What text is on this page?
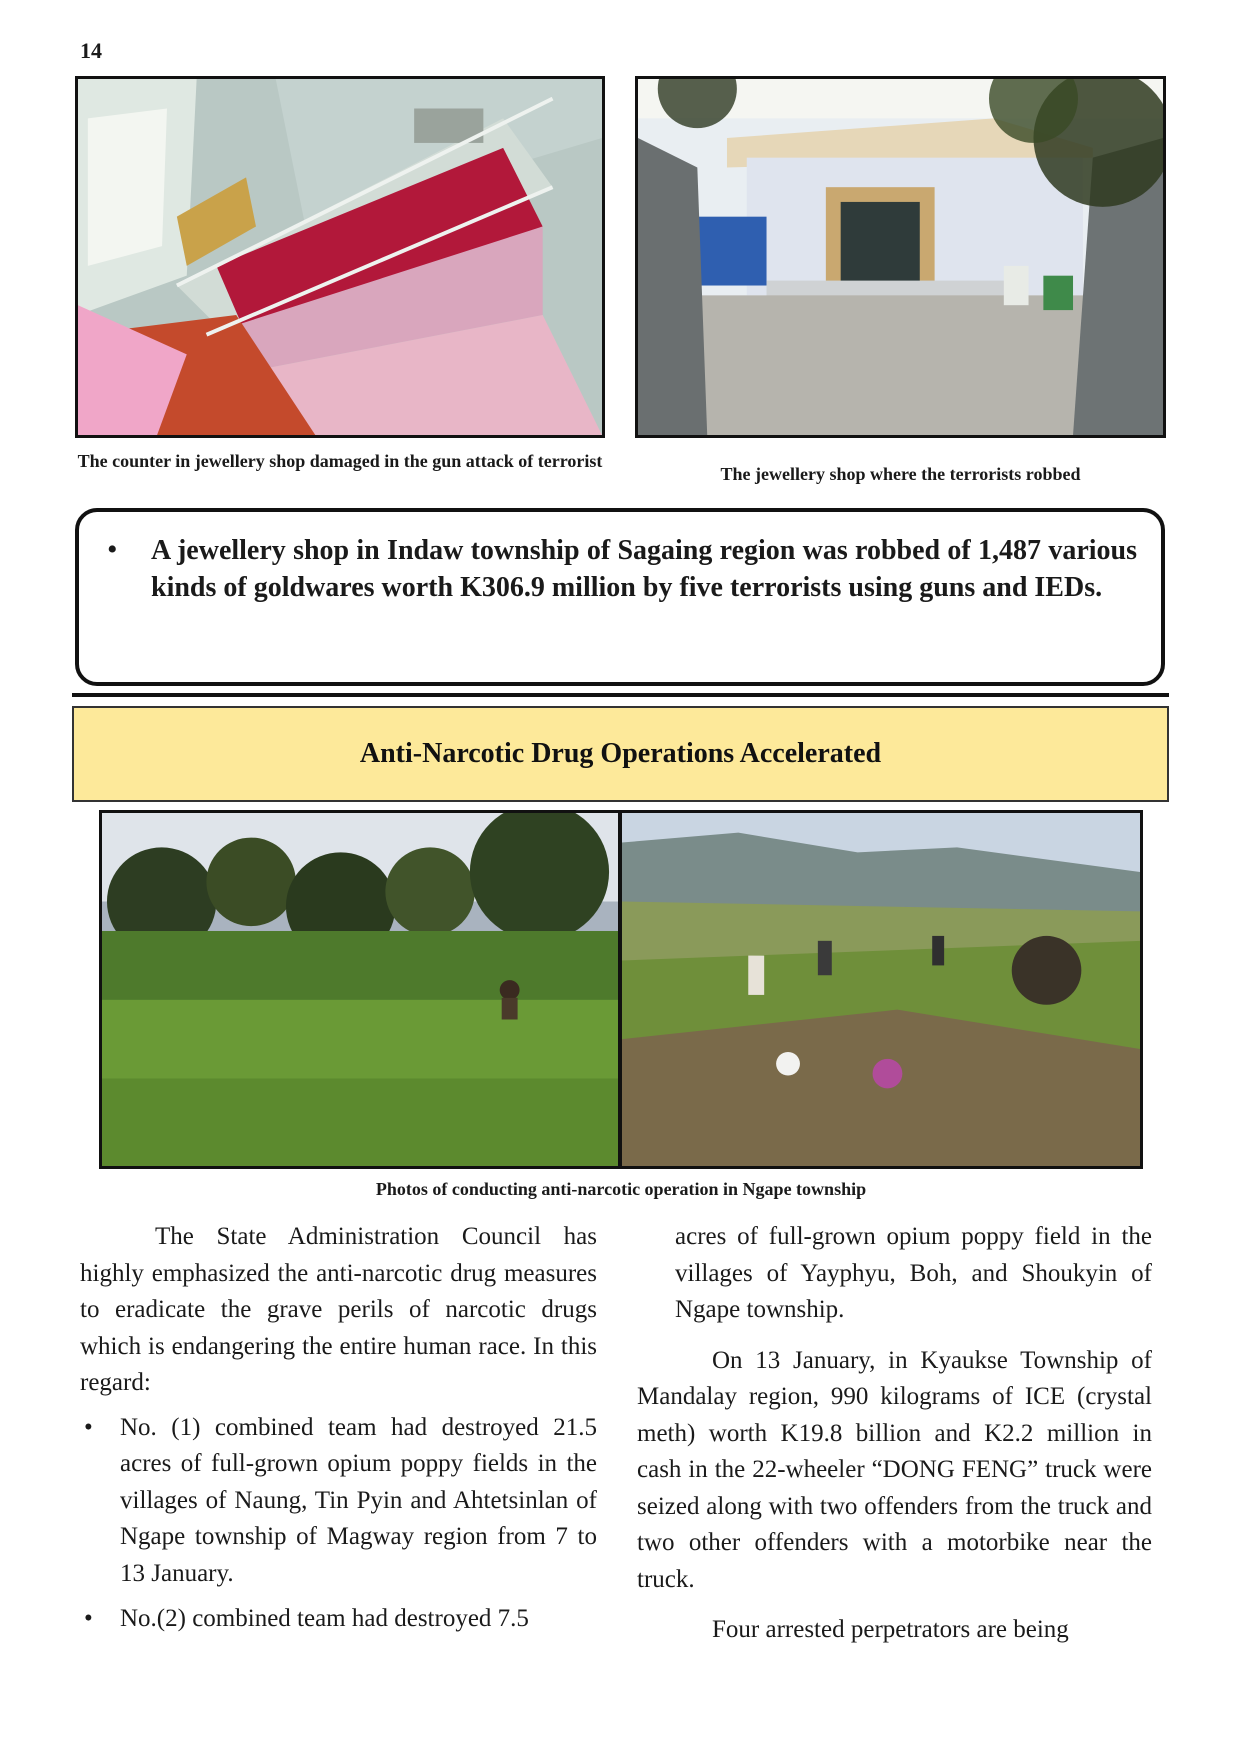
14
The counter in jewellery shop damaged in the gun attack of terrorist
The jewellery shop where the terrorists robbed
•	A jewellery shop in Indaw township of Sagaing region was robbed of 1,487 various kinds of goldwares worth K306.9 million by five terrorists using guns and IEDs.
Anti-Narcotic Drug Operations Accelerated
Photos of conducting anti-narcotic operation in Ngape township

The State Administration Council has highly emphasized the anti-narcotic drug measures to eradicate the grave perils of narcotic drugs which is endangering the entire human race. In this regard:

• No. (1) combined team had destroyed 21.5 acres of full-grown opium poppy fields in the villages of Naung, Tin Pyin and Ahtetsinlan of Ngape township of Magway region from 7 to 13 January.
• No.(2) combined team had destroyed 7.5

acres of full-grown opium poppy field in the villages of Yayphyu, Boh, and Shoukyin of Ngape township.

On 13 January, in Kyaukse Township of Mandalay region, 990 kilograms of ICE (crystal meth) worth K19.8 billion and K2.2 million in cash in the 22-wheeler “DONG FENG” truck were seized along with two offenders from the truck and two other offenders with a motorbike near the truck.

Four arrested perpetrators are being
